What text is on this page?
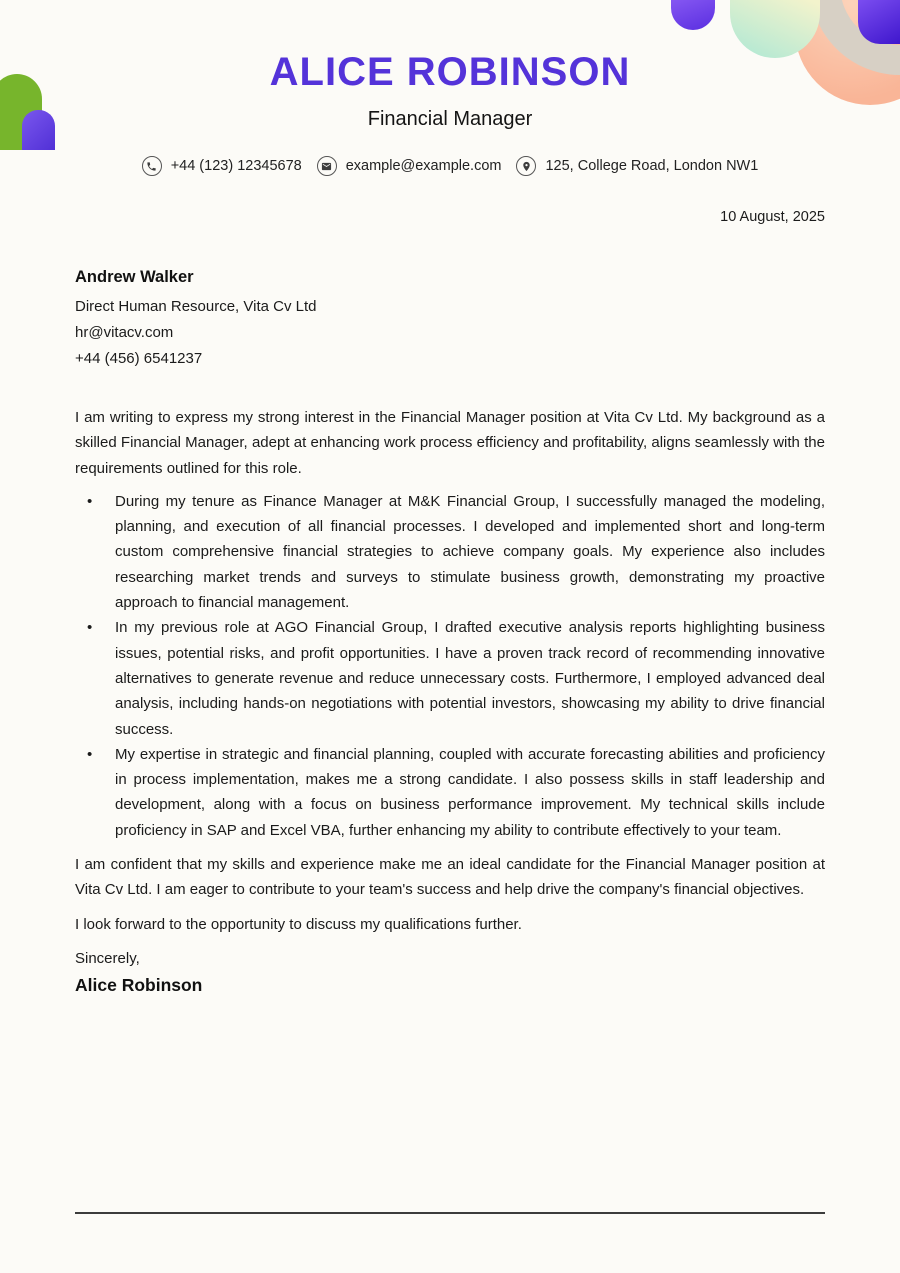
ALICE ROBINSON
Financial Manager
+44 (123) 12345678	example@example.com	125, College Road, London NW1
10 August, 2025
Andrew Walker
Direct Human Resource, Vita Cv Ltd
hr@vitacv.com
+44 (456) 6541237

I am writing to express my strong interest in the Financial Manager position at Vita Cv Ltd. My background as a skilled Financial Manager, adept at enhancing work process efficiency and profitability, aligns seamlessly with the requirements outlined for this role.

• During my tenure as Finance Manager at M&K Financial Group, I successfully managed the modeling, planning, and execution of all financial processes. I developed and implemented short and long-term custom comprehensive financial strategies to achieve company goals. My experience also includes researching market trends and surveys to stimulate business growth, demonstrating my proactive approach to financial management.
• In my previous role at AGO Financial Group, I drafted executive analysis reports highlighting business issues, potential risks, and profit opportunities. I have a proven track record of recommending innovative alternatives to generate revenue and reduce unnecessary costs. Furthermore, I employed advanced deal analysis, including hands-on negotiations with potential investors, showcasing my ability to drive financial success.
• My expertise in strategic and financial planning, coupled with accurate forecasting abilities and proficiency in process implementation, makes me a strong candidate. I also possess skills in staff leadership and development, along with a focus on business performance improvement. My technical skills include proficiency in SAP and Excel VBA, further enhancing my ability to contribute effectively to your team.

I am confident that my skills and experience make me an ideal candidate for the Financial Manager position at Vita Cv Ltd. I am eager to contribute to your team's success and help drive the company's financial objectives.

I look forward to the opportunity to discuss my qualifications further.

Sincerely,
Alice Robinson
